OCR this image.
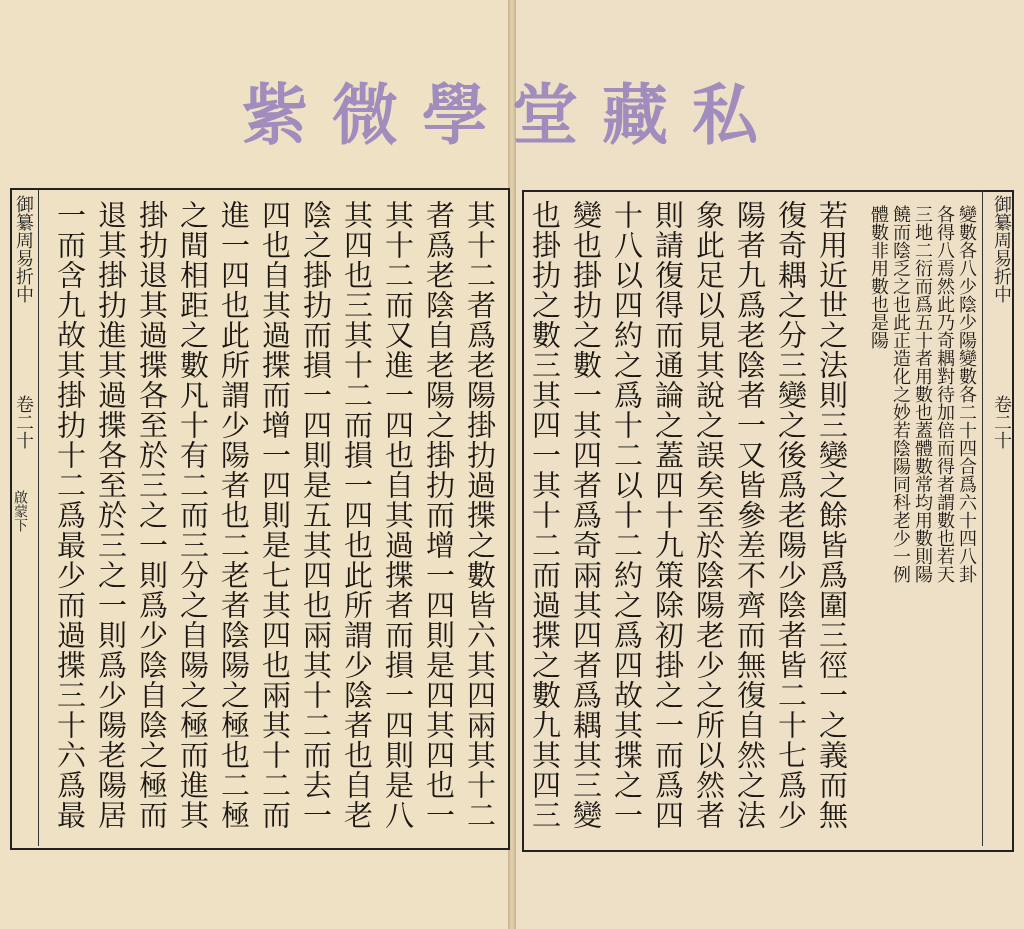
紫微學堂藏私
御纂周易折中
卷二十
啟蒙下	其十二者爲老陽掛扐過揲之數皆六其四兩其十二
者爲老陰自老陽之掛扐而增一四則是四其四也一
其十二而又進一四也自其過揲者而損一四則是八
其四也三其十二而損一四也此所謂少陰者也自老
陰之掛扐而損一四則是五其四也兩其十二而去一
四也自其過揲而增一四則是七其四也兩其十二而
進一四也此所謂少陽者也二老者陰陽之極也二極
之間相距之數凡十有二而三分之自陽之極而進其
掛扐退其過揲各至於三之一則爲少陰自陰之極而
退其掛扐進其過揲各至於三之一則爲少陽老陽居
一而含九故其掛扐十二爲最少而過揲三十六爲最	御纂周易折中
卷二十
若用近世之法則三變之餘皆爲圍三徑一之義而無
復奇耦之分三變之後爲老陽少陰者皆二十七爲少
陽者九爲老陰者一又皆參差不齊而無復自然之法
象此足以見其說之誤矣至於陰陽老少之所以然者
則請復得而通論之蓋四十九策除初掛之一而爲四
十八以四約之爲十二以十二約之爲四故其揲之一
變也掛扐之數一其四者爲奇兩其四者爲耦其三變
也掛扐之數三其四一其十二而過揲之數九其四三	變數各八少陰少陽變數各二十四合爲六十四八卦
各得八焉然此乃奇耦對待加倍而得者謂數也若天
三地二衍而爲五十者用數也蓋體數常均用數則陽
饒而陰乏之也此正造化之妙若陰陽同科老少一例
體數非用數也是陽
